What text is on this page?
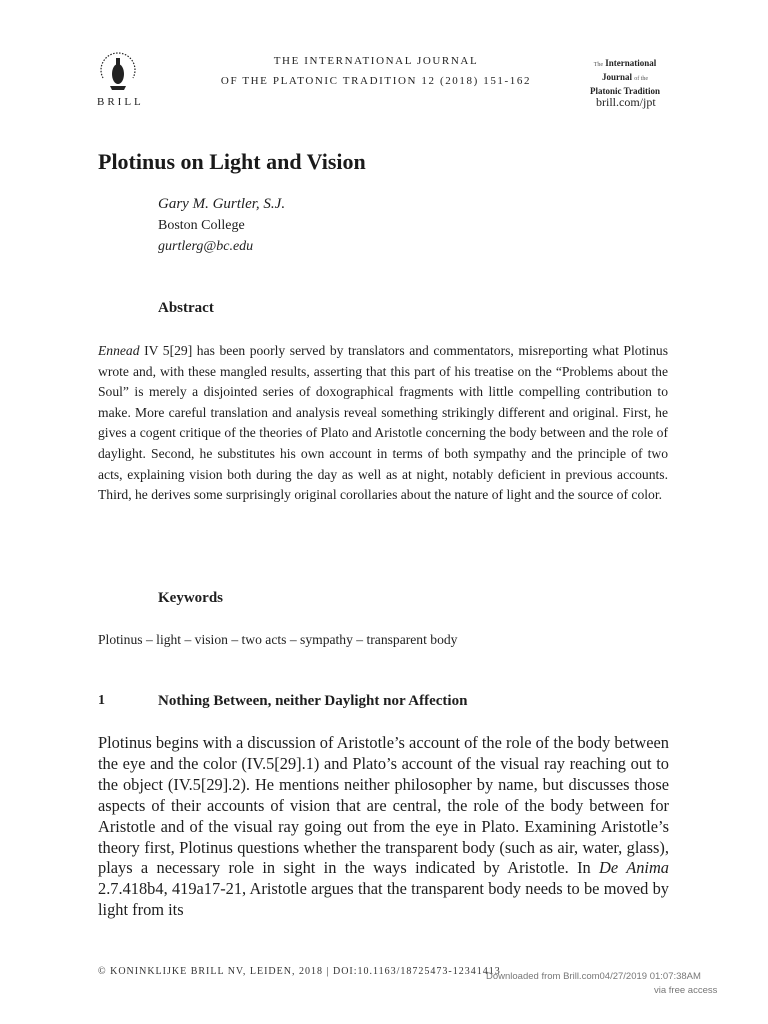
BRILL
THE INTERNATIONAL JOURNAL
OF THE PLATONIC TRADITION 12 (2018) 151-162
The International
Journal of the
Platonic Tradition
brill.com/jpt
Plotinus on Light and Vision
Gary M. Gurtler, S.J.
Boston College
gurtlerg@bc.edu
Abstract
Ennead IV 5[29] has been poorly served by translators and commentators, misreporting what Plotinus wrote and, with these mangled results, asserting that this part of his treatise on the “Problems about the Soul” is merely a disjointed series of doxographical fragments with little compelling contribution to make. More careful translation and analysis reveal something strikingly different and original. First, he gives a cogent critique of the theories of Plato and Aristotle concerning the body between and the role of daylight. Second, he substitutes his own account in terms of both sympathy and the principle of two acts, explaining vision both during the day as well as at night, notably deficient in previous accounts. Third, he derives some surprisingly original corollaries about the nature of light and the source of color.
Keywords
Plotinus – light – vision – two acts – sympathy – transparent body
1	Nothing Between, neither Daylight nor Affection
Plotinus begins with a discussion of Aristotle’s account of the role of the body between the eye and the color (IV.5[29].1) and Plato’s account of the visual ray reaching out to the object (IV.5[29].2). He mentions neither philosopher by name, but discusses those aspects of their accounts of vision that are central, the role of the body between for Aristotle and of the visual ray going out from the eye in Plato. Examining Aristotle’s theory first, Plotinus questions whether the transparent body (such as air, water, glass), plays a necessary role in sight in the ways indicated by Aristotle. In De Anima 2.7.418b4, 419a17-21, Aristotle argues that the transparent body needs to be moved by light from its
© KONINKLIJKE BRILL NV, LEIDEN, 2018 | DOI:10.1163/18725473-12341413
Downloaded from Brill.com04/27/2019 01:07:38AM
via free access
